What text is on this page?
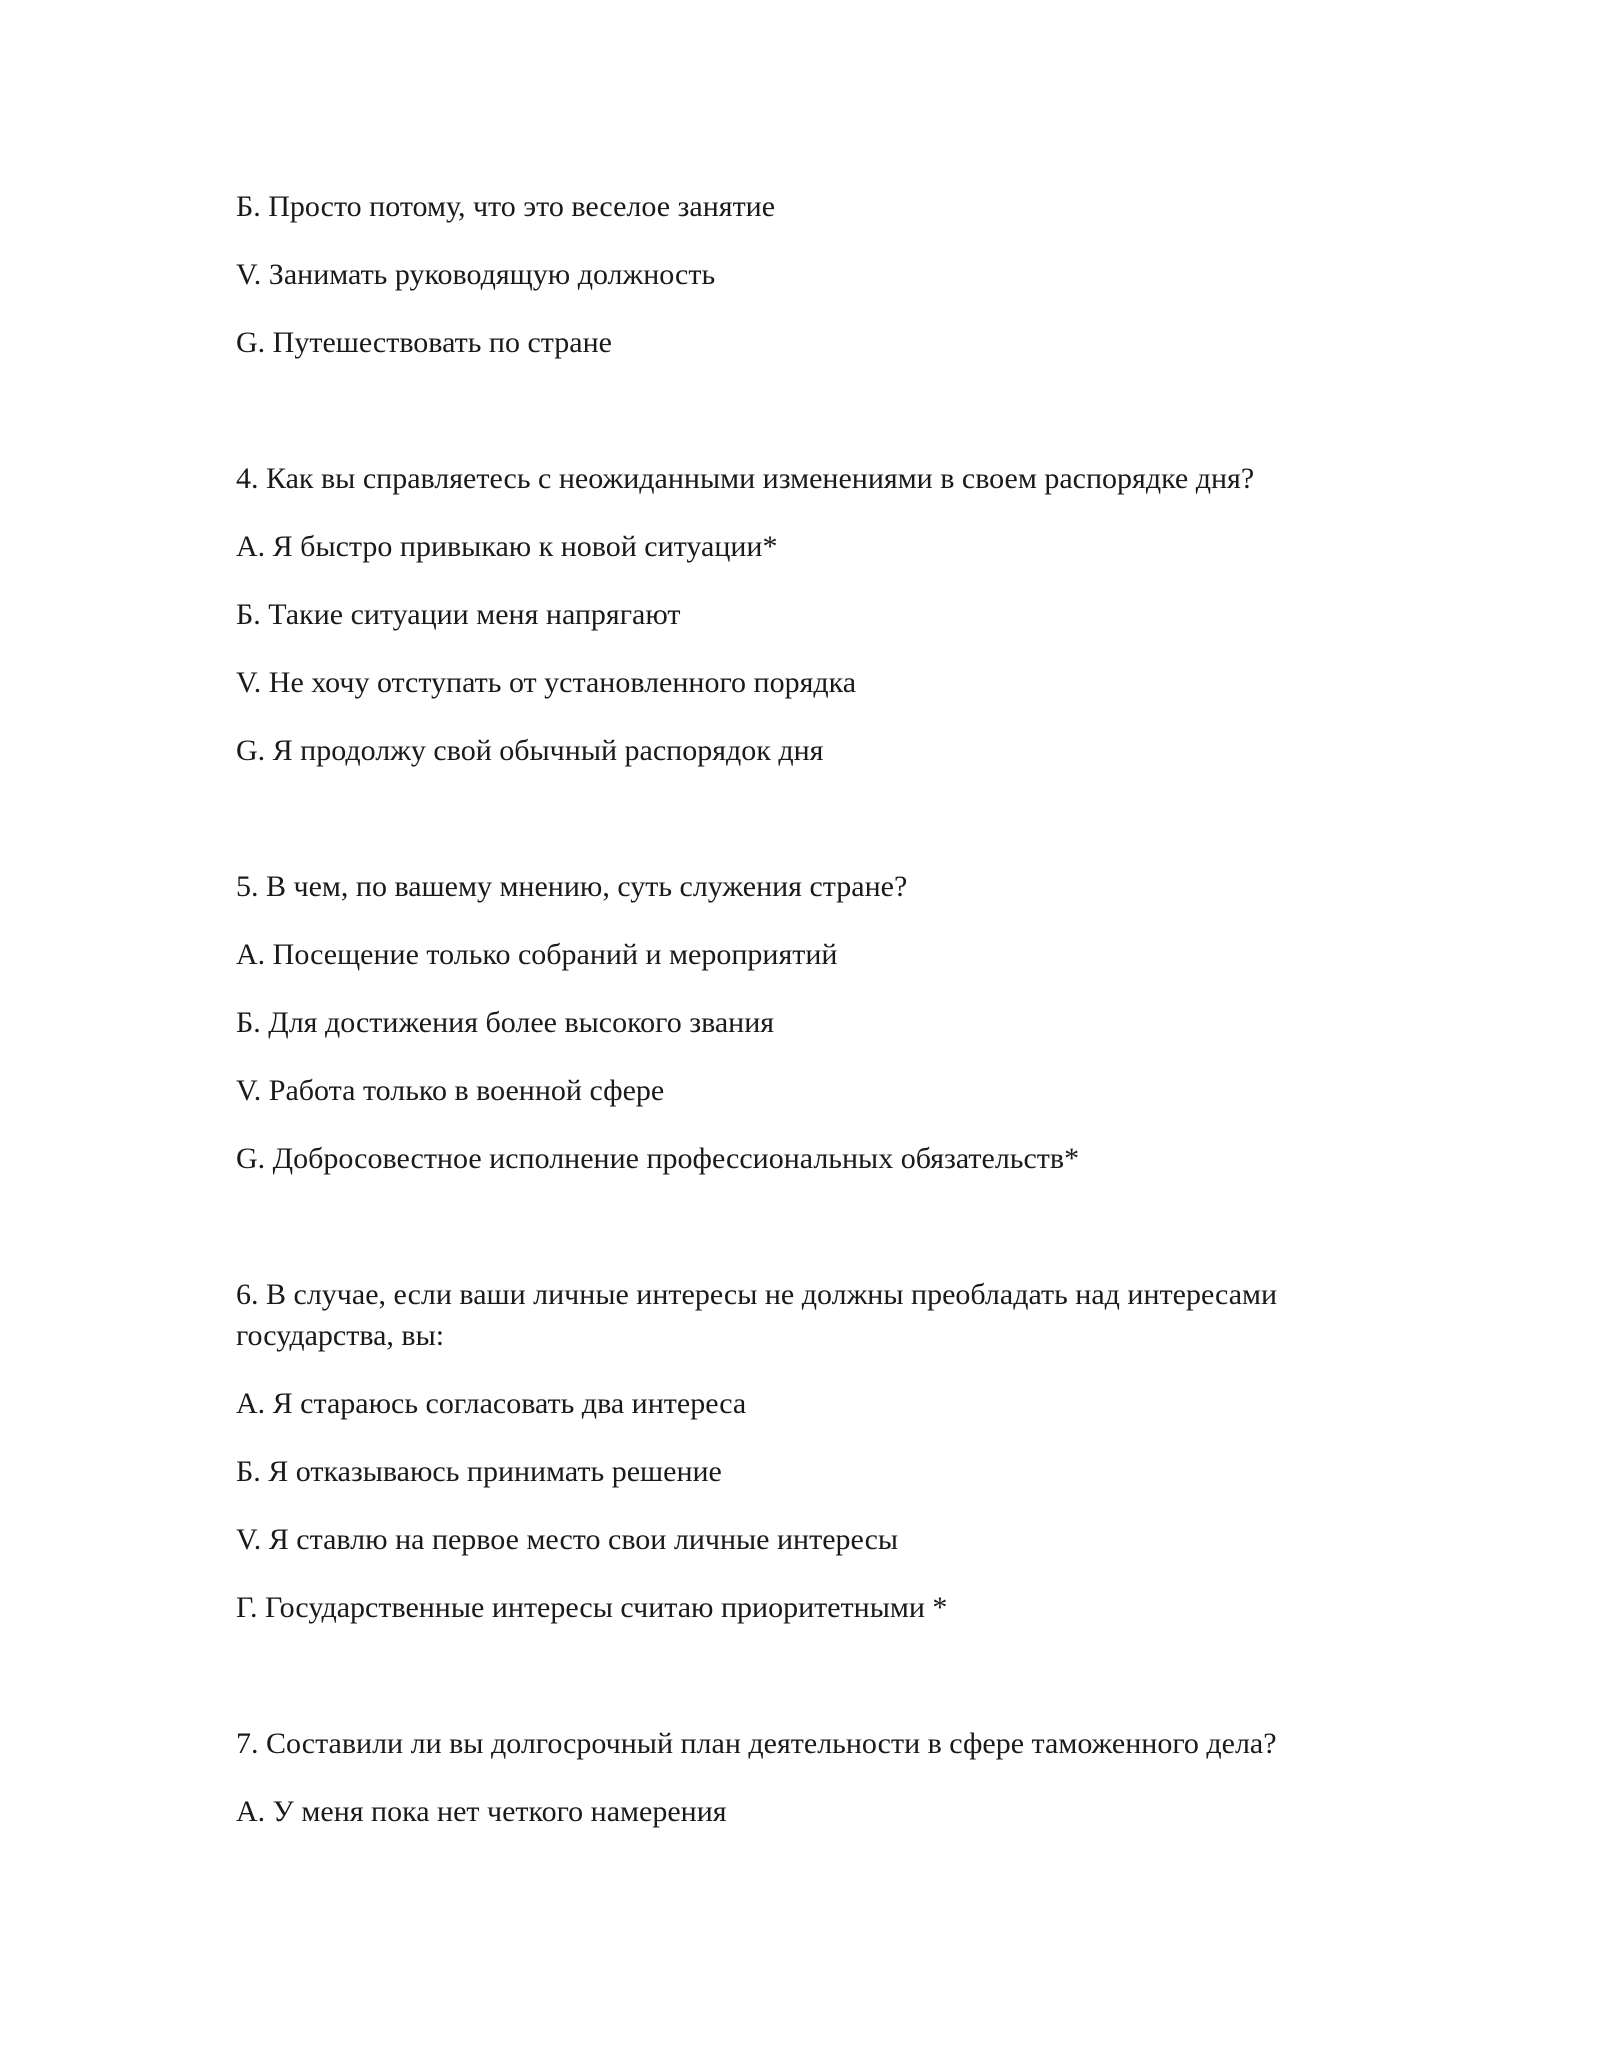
Б. Просто потому, что это веселое занятие

V. Занимать руководящую должность

G. Путешествовать по стране

4. Как вы справляетесь с неожиданными изменениями в своем распорядке дня?

A. Я быстро привыкаю к новой ситуации*

Б. Такие ситуации меня напрягают

V. Не хочу отступать от установленного порядка

G. Я продолжу свой обычный распорядок дня

5. В чем, по вашему мнению, суть служения стране?

A. Посещение только собраний и мероприятий

Б. Для достижения более высокого звания

V. Работа только в военной сфере

G. Добросовестное исполнение профессиональных обязательств*

6. В случае, если ваши личные интересы не должны преобладать над интересами

государства, вы:

A. Я стараюсь согласовать два интереса

Б. Я отказываюсь принимать решение

V. Я ставлю на первое место свои личные интересы

Г. Государственные интересы считаю приоритетными *

7. Составили ли вы долгосрочный план деятельности в сфере таможенного дела?

A. У меня пока нет четкого намерения
